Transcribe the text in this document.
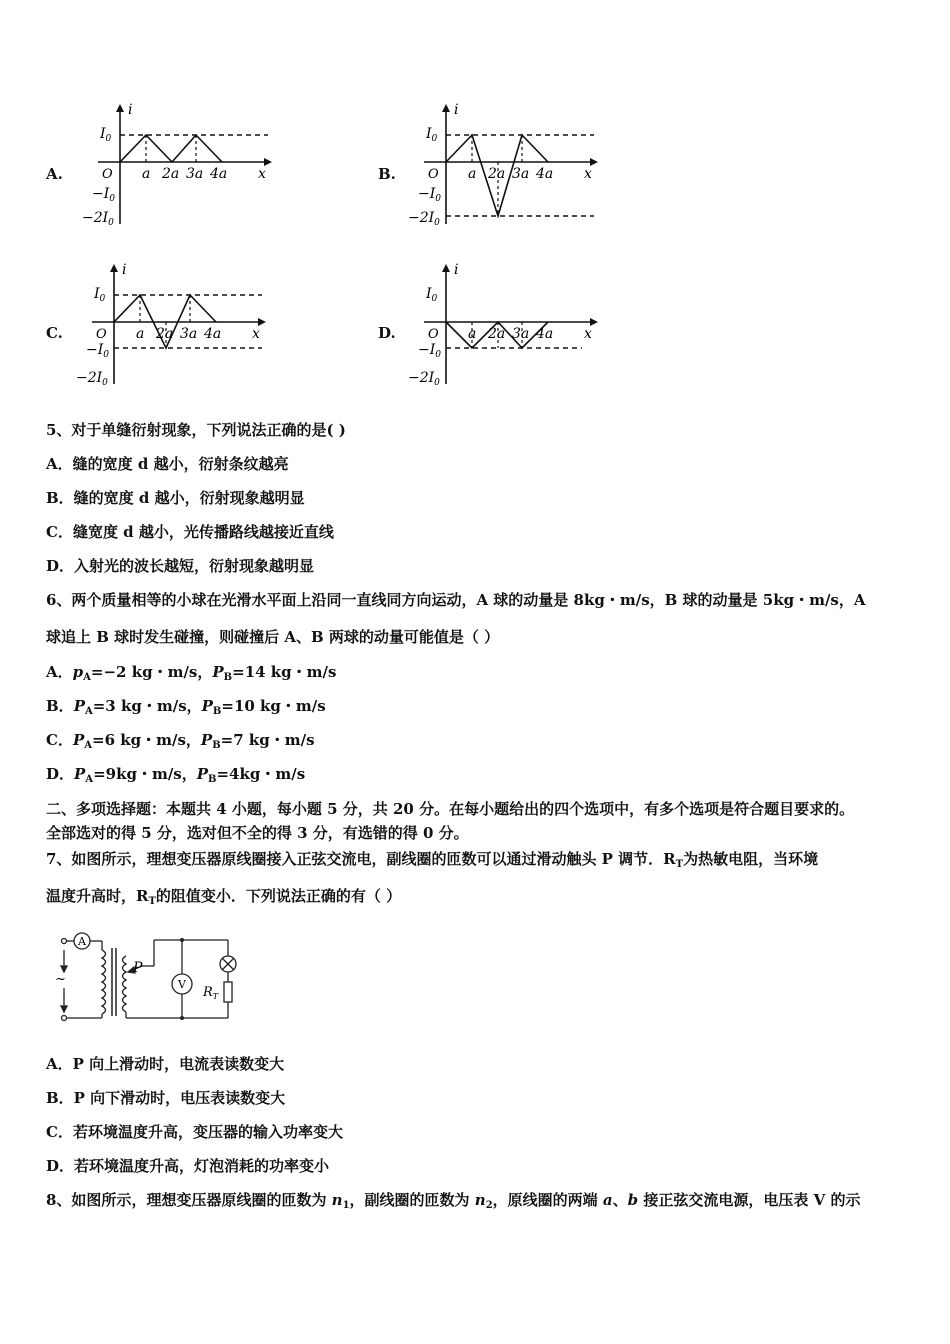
A.
i
x
O
$I_0$
$-I_0$
$-2I_0$
a 2a 3a 4a	B.
i
x
O
$I_0$
$-I_0$
$-2I_0$
a 2a 3a 4a
C.
i
x
O
$I_0$
$-I_0$
$-2I_0$
a 2a 3a 4a	D.
i
x
O
$I_0$
$-I_0$
$-2I_0$
a 2a 3a 4a
5、对于单缝衍射现象，下列说法正确的是( )
A．缝的宽度 d 越小，衍射条纹越亮
B．缝的宽度 d 越小，衍射现象越明显
C．缝宽度 d 越小，光传播路线越接近直线
D．入射光的波长越短，衍射现象越明显
6、两个质量相等的小球在光滑水平面上沿同一直线同方向运动，A 球的动量是 8kg・m/s，B 球的动量是 5kg・m/s，A
球追上 B 球时发生碰撞，则碰撞后 A、B 两球的动量可能值是（ ）
A．$p_A=-2$ kg・m/s，$P_B=14$ kg・m/s
B．$P_A=3$ kg・m/s，$P_B=10$ kg・m/s
C．$P_A=6$ kg・m/s，$P_B=7$ kg・m/s
D．$P_A=9kg$・m/s，$P_B=4kg$・m/s
二、多项选择题：本题共 4 小题，每小题 5 分，共 20 分。在每小题给出的四个选项中，有多个选项是符合题目要求的。
全部选对的得 5 分，选对但不全的得 3 分，有选错的得 0 分。
7、如图所示，理想变压器原线圈接入正弦交流电，副线圈的匝数可以通过滑动触头 P 调节．$R_T$为热敏电阻，当环境
温度升高时，$R_T$的阻值变小．下列说法正确的有（ ）
A
V
P
$R_T$
~
A．P 向上滑动时，电流表读数变大
B．P 向下滑动时，电压表读数变大
C．若环境温度升高，变压器的输入功率变大
D．若环境温度升高，灯泡消耗的功率变小
8、如图所示，理想变压器原线圈的匝数为 $n_1$，副线圈的匝数为 $n_2$，原线圈的两端 a、b 接正弦交流电源，电压表 V 的示
